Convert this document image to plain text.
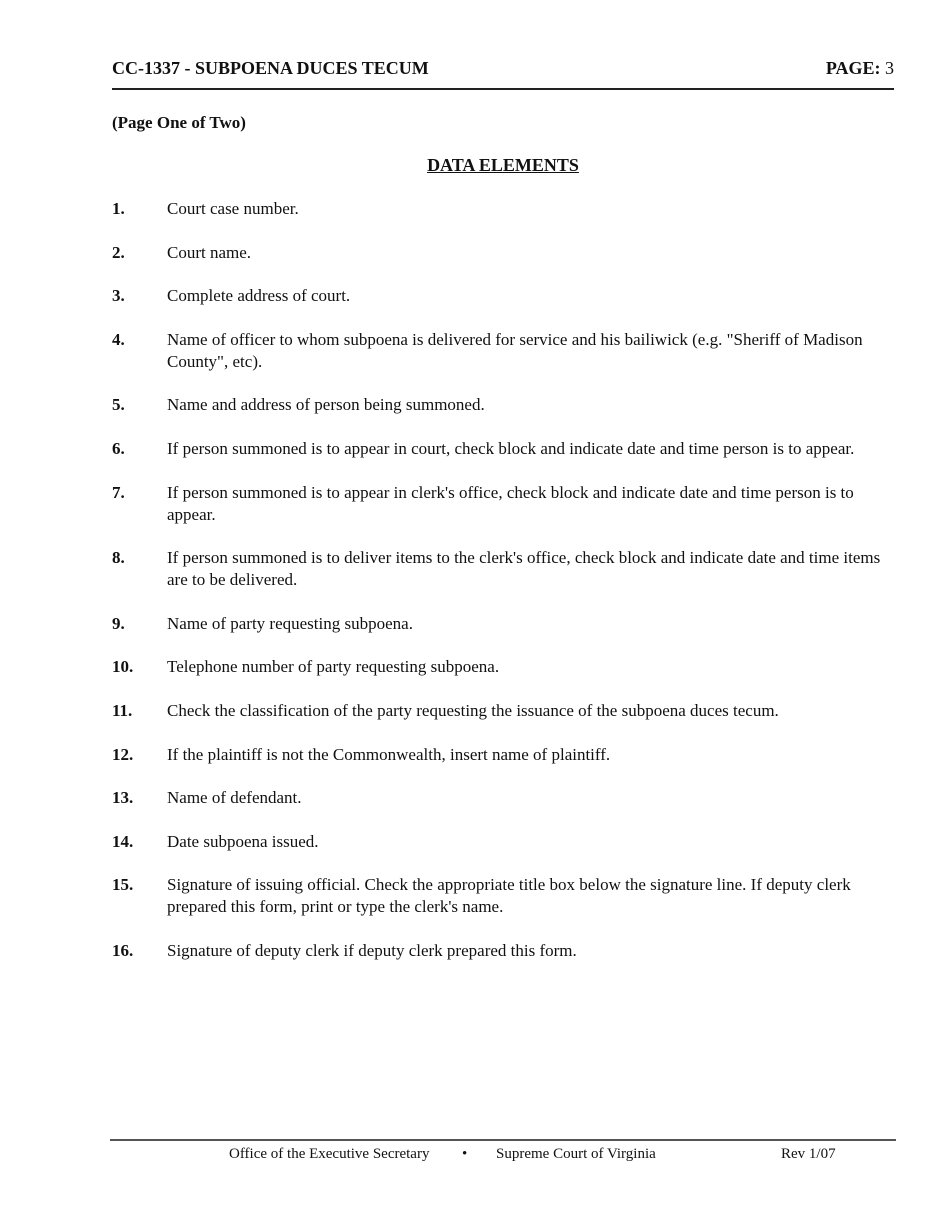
CC-1337 - SUBPOENA DUCES TECUM	PAGE: 3
(Page One of Two)
DATA ELEMENTS
1.	Court case number.
2.	Court name.
3.	Complete address of court.
4.	Name of officer to whom subpoena is delivered for service and his bailiwick (e.g. "Sheriff of Madison County", etc).
5.	Name and address of person being summoned.
6.	If person summoned is to appear in court, check block and indicate date and time person is to appear.
7.	If person summoned is to appear in clerk's office, check block and indicate date and time person is to appear.
8.	If person summoned is to deliver items to the clerk's office, check block and indicate date and time items are to be delivered.
9.	Name of party requesting subpoena.
10.	Telephone number of party requesting subpoena.
11.	Check the classification of the party requesting the issuance of the subpoena duces tecum.
12.	If the plaintiff is not the Commonwealth, insert name of plaintiff.
13.	Name of defendant.
14.	Date subpoena issued.
15.	Signature of issuing official. Check the appropriate title box below the signature line. If deputy clerk prepared this form, print or type the clerk's name.
16.	Signature of deputy clerk if deputy clerk prepared this form.
Office of the Executive Secretary • Supreme Court of Virginia	Rev 1/07
